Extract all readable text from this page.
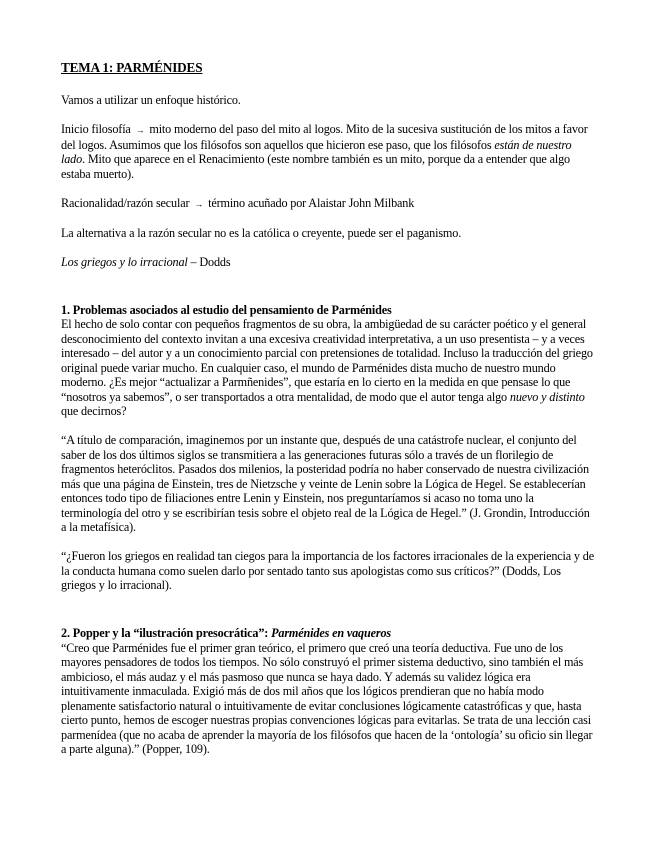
TEMA 1: PARMÉNIDES

Vamos a utilizar un enfoque histórico.

Inicio filosofía → mito moderno del paso del mito al logos. Mito de la sucesiva sustitución de los mitos a favor del logos. Asumimos que los filósofos son aquellos que hicieron ese paso, que los filósofos están de nuestro lado. Mito que aparece en el Renacimiento (este nombre también es un mito, porque da a entender que algo estaba muerto).

Racionalidad/razón secular → término acuñado por Alaistar John Milbank

La alternativa a la razón secular no es la católica o creyente, puede ser el paganismo.

Los griegos y lo irracional – Dodds

1. Problemas asociados al estudio del pensamiento de Parménides

El hecho de solo contar con pequeños fragmentos de su obra, la ambigüedad de su carácter poético y el general desconocimiento del contexto invitan a una excesiva creatividad interpretativa, a un uso presentista – y a veces interesado – del autor y a un conocimiento parcial con pretensiones de totalidad. Incluso la traducción del griego original puede variar mucho. En cualquier caso, el mundo de Parménides dista mucho de nuestro mundo moderno. ¿Es mejor “actualizar a Parmñenides”, que estaría en lo cierto en la medida en que pensase lo que “nosotros ya sabemos”, o ser transportados a otra mentalidad, de modo que el autor tenga algo nuevo y distinto que decirnos?

“A título de comparación, imaginemos por un instante que, después de una catástrofe nuclear, el conjunto del saber de los dos últimos siglos se transmitiera a las generaciones futuras sólo a través de un florilegio de fragmentos heteróclitos. Pasados dos milenios, la posteridad podría no haber conservado de nuestra civilización más que una página de Einstein, tres de Nietzsche y veinte de Lenin sobre la Lógica de Hegel. Se establecerían entonces todo tipo de filiaciones entre Lenin y Einstein, nos preguntaríamos si acaso no toma uno la terminología del otro y se escribirían tesis sobre el objeto real de la Lógica de Hegel.” (J. Grondin, Introducción a la metafísica).

“¿Fueron los griegos en realidad tan ciegos para la importancia de los factores irracionales de la experiencia y de la conducta humana como suelen darlo por sentado tanto sus apologistas como sus críticos?” (Dodds, Los griegos y lo irracional).

2. Popper y la “ilustración presocrática”: Parménides en vaqueros

“Creo que Parménides fue el primer gran teórico, el primero que creó una teoría deductiva. Fue uno de los mayores pensadores de todos los tiempos. No sólo construyó el primer sistema deductivo, sino también el más ambicioso, el más audaz y el más pasmoso que nunca se haya dado. Y además su validez lógica era intuitivamente inmaculada. Exigió más de dos mil años que los lógicos prendieran que no había modo plenamente satisfactorio natural o intuitivamente de evitar conclusiones lógicamente catastróficas y que, hasta cierto punto, hemos de escoger nuestras propias convenciones lógicas para evitarlas. Se trata de una lección casi parmenídea (que no acaba de aprender la mayoría de los filósofos que hacen de la ‘ontología’ su oficio sin llegar a parte alguna).” (Popper, 109).
